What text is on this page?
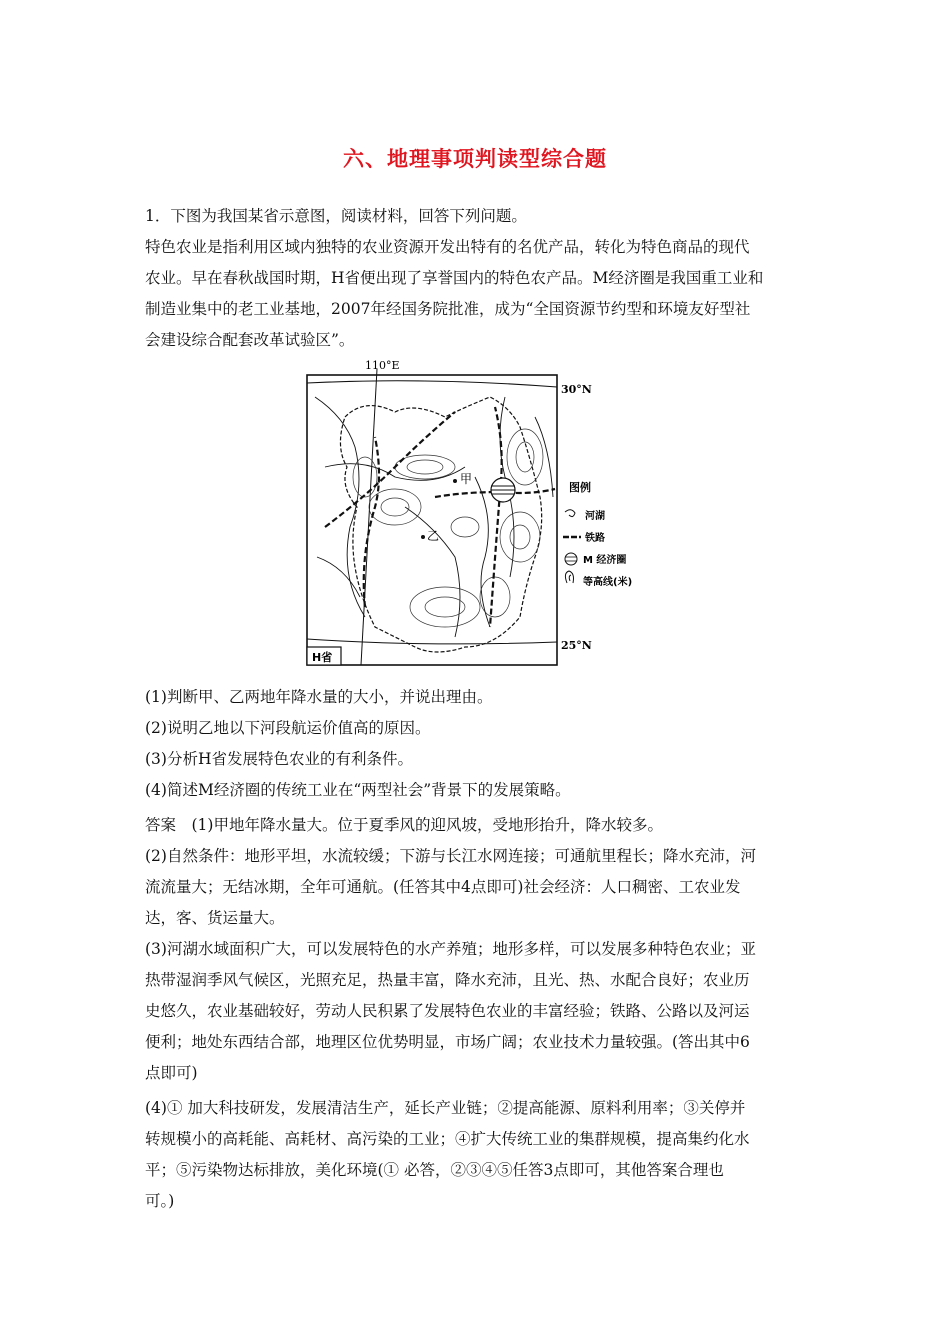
六、地理事项判读型综合题
1．下图为我国某省示意图，阅读材料，回答下列问题。
特色农业是指利用区域内独特的农业资源开发出特有的名优产品，转化为特色商品的现代
农业。早在春秋战国时期，H省便出现了享誉国内的特色农产品。M经济圈是我国重工业和
制造业集中的老工业基地，2007年经国务院批准，成为“全国资源节约型和环境友好型社
会建设综合配套改革试验区”。
110°E
30°N
25°N
甲
乙
H省
图例
河湖
铁路
M 经济圈
等高线(米)
(1)判断甲、乙两地年降水量的大小，并说出理由。
(2)说明乙地以下河段航运价值高的原因。
(3)分析H省发展特色农业的有利条件。
(4)简述M经济圈的传统工业在“两型社会”背景下的发展策略。
答案　(1)甲地年降水量大。位于夏季风的迎风坡，受地形抬升，降水较多。
(2)自然条件：地形平坦，水流较缓；下游与长江水网连接；可通航里程长；降水充沛，河
流流量大；无结冰期，全年可通航。(任答其中4点即可)社会经济：人口稠密、工农业发
达，客、货运量大。
(3)河湖水域面积广大，可以发展特色的水产养殖；地形多样，可以发展多种特色农业；亚
热带湿润季风气候区，光照充足，热量丰富，降水充沛，且光、热、水配合良好；农业历
史悠久，农业基础较好，劳动人民积累了发展特色农业的丰富经验；铁路、公路以及河运
便利；地处东西结合部，地理区位优势明显，市场广阔；农业技术力量较强。(答出其中6
点即可)
(4)① 加大科技研发，发展清洁生产，延长产业链；②提高能源、原料利用率；③关停并
转规模小的高耗能、高耗材、高污染的工业；④扩大传统工业的集群规模，提高集约化水
平；⑤污染物达标排放，美化环境(① 必答，②③④⑤任答3点即可，其他答案合理也
可。)
